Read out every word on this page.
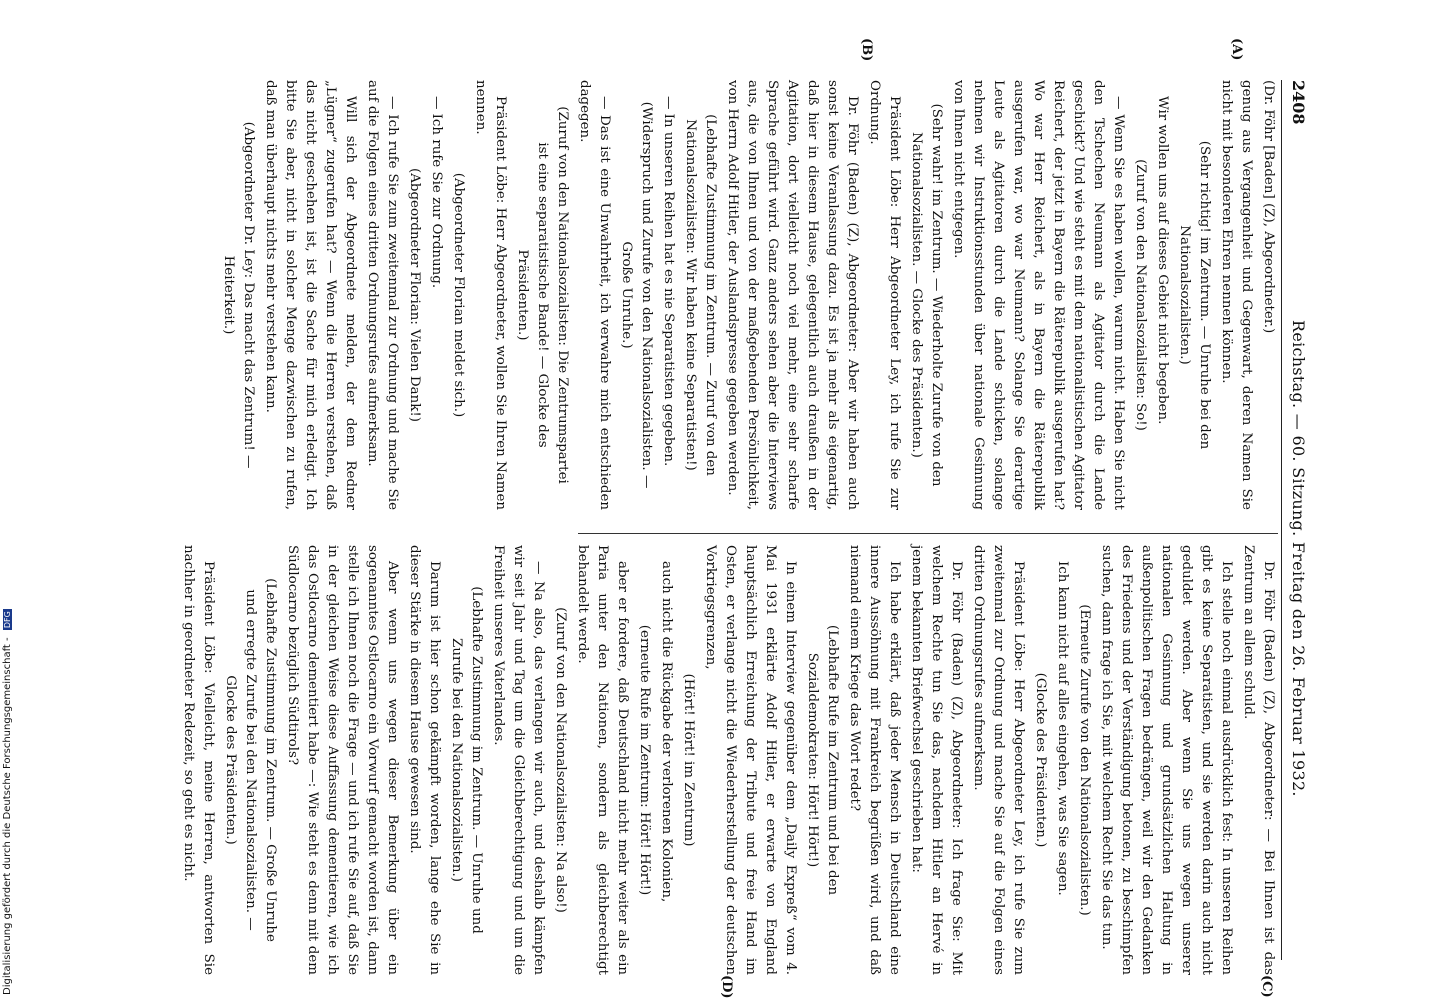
2408
Reichstag. — 60. Sitzung. Freitag den 26. Februar 1932.
(A)
(B)
(C)
(D)

(Dr. Föhr [Baden] (Z), Abgeordneter.)

genug aus Vergangenheit und Gegenwart, deren Namen Sie nicht mit besonderen Ehren nennen können.

(Sehr richtig! im Zentrum. — Unruhe bei den Nationalsozialisten.)

Wir wollen uns auf dieses Gebiet nicht begeben.

(Zuruf von den Nationalsozialisten: So!)

— Wenn Sie es haben wollen, warum nicht. Haben Sie nicht den Tschechen Neumann als Agitator durch die Lande geschickt? Und wie steht es mit dem nationalistischen Agitator Reichert, der jetzt in Bayern die Räterepublik ausgerufen hat? Wo war Herr Reichert, als in Bayern die Räterepublik ausgerufen war, wo war Neumann? Solange Sie derartige Leute als Agitatoren durch die Lande schicken, solange nehmen wir Instruktionsstunden über nationale Gesinnung von Ihnen nicht entgegen.

(Sehr wahr! im Zentrum. — Wiederholte Zurufe von den Nationalsozialisten. — Glocke des Präsidenten.)

Präsident Löbe: Herr Abgeordneter Ley, ich rufe Sie zur Ordnung.

Dr. Föhr (Baden) (Z), Abgeordneter: Aber wir haben auch sonst keine Veranlassung dazu. Es ist ja mehr als eigenartig, daß hier in diesem Hause, gelegentlich auch draußen in der Agitation, dort vielleicht noch viel mehr, eine sehr scharfe Sprache geführt wird. Ganz anders sehen aber die Interviews aus, die von Ihnen und von der maßgebenden Persönlichkeit, von Herrn Adolf Hitler, der Auslandspresse gegeben werden.

(Lebhafte Zustimmung im Zentrum. — Zuruf von den Nationalsozialisten: Wir haben keine Separatisten!)

— In unseren Reihen hat es nie Separatisten gegeben.

(Widerspruch und Zurufe von den Nationalsozialisten. — Große Unruhe.)

— Das ist eine Unwahrheit, ich verwahre mich entschieden dagegen.

(Zuruf von den Nationalsozialisten: Die Zentrumspartei ist eine separatistische Bande! — Glocke des Präsidenten.)

Präsident Löbe: Herr Abgeordneter, wollen Sie Ihren Namen nennen.

(Abgeordneter Florian meldet sich.)

— Ich rufe Sie zur Ordnung.

(Abgeordneter Florian: Vielen Dank!)

— Ich rufe Sie zum zweitenmal zur Ordnung und mache Sie auf die Folgen eines dritten Ordnungsrufes aufmerksam.

Will sich der Abgeordnete melden, der dem Redner „Lügner“ zugerufen hat? — Wenn die Herren verstehen, daß das nicht geschehen ist, ist die Sache für mich erledigt. Ich bitte Sie aber, nicht in solcher Menge dazwischen zu rufen, daß man überhaupt nichts mehr verstehen kann.

(Abgeordneter Dr. Ley: Das macht das Zentrum! — Heiterkeit.)

Dr. Föhr (Baden) (Z), Abgeordneter: — Bei Ihnen ist das Zentrum an allem schuld.

Ich stelle noch einmal ausdrücklich fest: In unseren Reihen gibt es keine Separatisten, und sie werden darin auch nicht geduldet werden. Aber wenn Sie uns wegen unserer nationalen Gesinnung und grundsätzlichen Haltung in außenpolitischen Fragen bedrängen, weil wir den Gedanken des Friedens und der Verständigung betonen, zu beschimpfen suchen, dann frage ich Sie, mit welchem Recht Sie das tun.

(Erneute Zurufe von den Nationalsozialisten.)

Ich kann nicht auf alles eingehen, was Sie sagen.

(Glocke des Präsidenten.)

Präsident Löbe: Herr Abgeordneter Ley, ich rufe Sie zum zweitenmal zur Ordnung und mache Sie auf die Folgen eines dritten Ordnungsrufes aufmerksam.

Dr. Föhr (Baden) (Z), Abgeordneter: Ich frage Sie: Mit welchem Rechte tun Sie das, nachdem Hitler an Hervé in jenem bekannten Briefwechsel geschrieben hat:

Ich habe erklärt, daß jeder Mensch in Deutschland eine innere Aussöhnung mit Frankreich begrüßen wird, und daß niemand einem Kriege das Wort redet?

(Lebhafte Rufe im Zentrum und bei den Sozialdemokraten: Hört! Hört!)

In einem Interview gegenüber dem „Daily Expreß“ vom 4. Mai 1931 erklärte Adolf Hitler, er erwarte von England hauptsächlich Erreichung der Tribute und freie Hand im Osten, er verlange nicht die Wiederherstellung der deutschen Vorkriegsgrenzen,

(Hört! Hört! im Zentrum)

auch nicht die Rückgabe der verlorenen Kolonien,

(erneute Rufe im Zentrum: Hört! Hört!)

aber er fordere, daß Deutschland nicht mehr weiter als ein Paria unter den Nationen, sondern als gleichberechtigt behandelt werde.

(Zuruf von den Nationalsozialisten: Na also!)

— Na also, das verlangen wir auch, und deshalb kämpfen wir seit Jahr und Tag um die Gleichberechtigung und um die Freiheit unseres Vaterlandes.

(Lebhafte Zustimmung im Zentrum. — Unruhe und Zurufe bei den Nationalsozialisten.)

Darum ist hier schon gekämpft worden, lange ehe Sie in dieser Stärke in diesem Hause gewesen sind.

Aber wenn uns wegen dieser Bemerkung über ein sogenanntes Ostlocarno ein Vorwurf gemacht worden ist, dann stelle ich Ihnen noch die Frage — und ich rufe Sie auf, daß Sie in der gleichen Weise diese Auffassung dementieren, wie ich das Ostlocarno dementiert habe —: Wie steht es denn mit dem Südlocarno bezüglich Südtirols?

(Lebhafte Zustimmung im Zentrum. — Große Unruhe und erregte Zurufe bei den Nationalsozialisten. — Glocke des Präsidenten.)

Präsident Löbe: Vielleicht, meine Herren, antworten Sie nachher in geordneter Redezeit, so geht es nicht.

Digitalisierung gefördert durch die Deutsche Forschungsgemeinschaft - DFG
